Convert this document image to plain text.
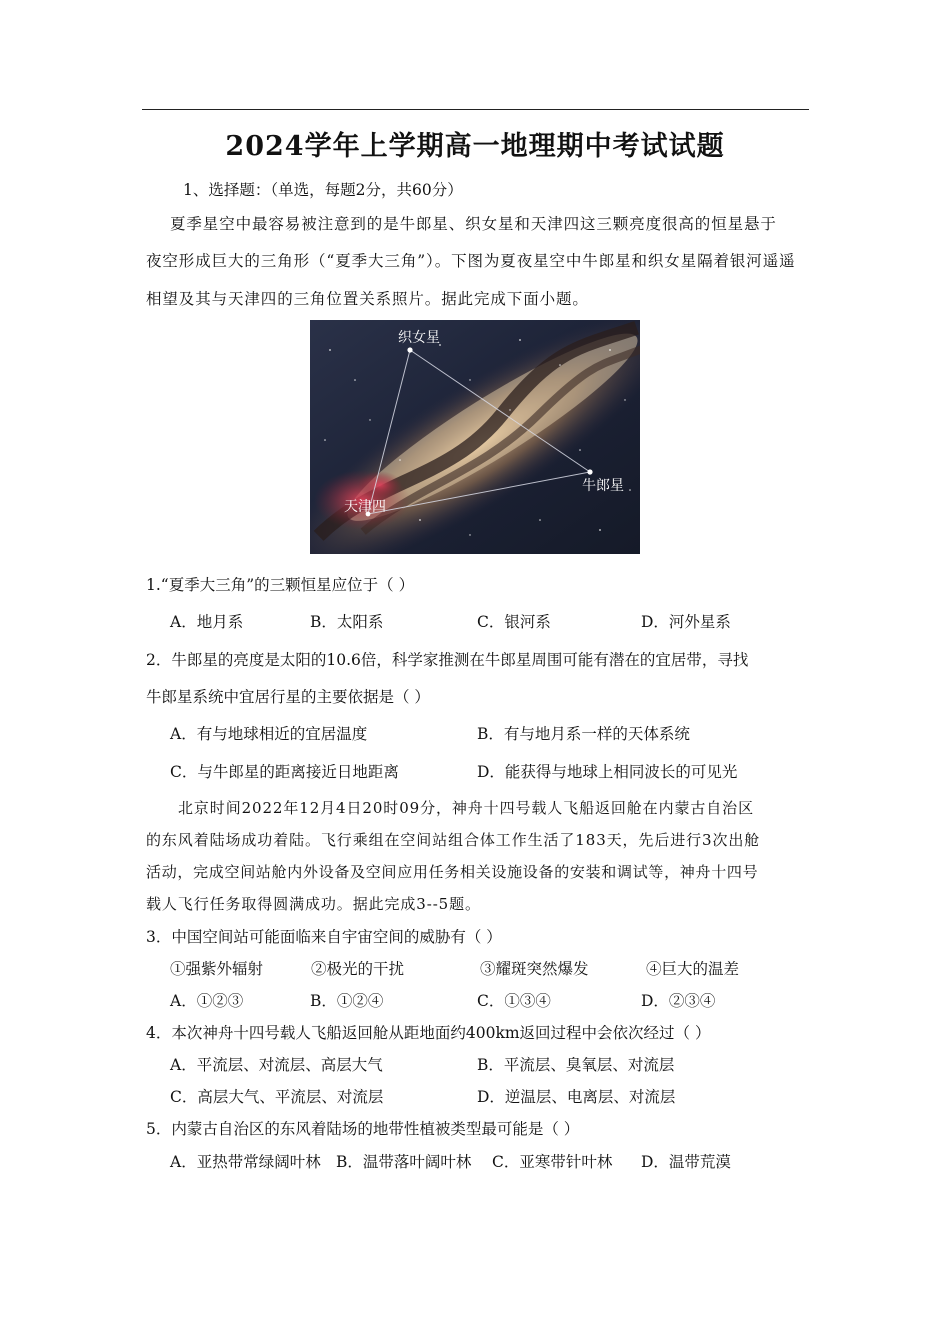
2024学年上学期高一地理期中考试试题
1、选择题：（单选，每题2分，共60分）
夏季星空中最容易被注意到的是牛郎星、织女星和天津四这三颗亮度很高的恒星悬于
夜空形成巨大的三角形（“夏季大三角”）。下图为夏夜星空中牛郎星和织女星隔着银河遥遥
相望及其与天津四的三角位置关系照片。据此完成下面小题。
织女星
牛郎星
天津四
1.“夏季大三角”的三颗恒星应位于（ ）
A．地月系	B．太阳系	C．银河系	D．河外星系
2．牛郎星的亮度是太阳的10.6倍，科学家推测在牛郎星周围可能有潜在的宜居带，寻找
牛郎星系统中宜居行星的主要依据是（ ）
A．有与地球相近的宜居温度	B．有与地月系一样的天体系统
C．与牛郎星的距离接近日地距离	D．能获得与地球上相同波长的可见光
北京时间2022年12月4日20时09分，神舟十四号载人飞船返回舱在内蒙古自治区
的东风着陆场成功着陆。飞行乘组在空间站组合体工作生活了183天，先后进行3次出舱
活动，完成空间站舱内外设备及空间应用任务相关设施设备的安装和调试等，神舟十四号
载人飞行任务取得圆满成功。据此完成3--5题。
3．中国空间站可能面临来自宇宙空间的威胁有（ ）
①强紫外辐射	②极光的干扰	③耀斑突然爆发	④巨大的温差
A．①②③	B．①②④	C．①③④	D．②③④
4．本次神舟十四号载人飞船返回舱从距地面约400km返回过程中会依次经过（ ）
A．平流层、对流层、高层大气	B．平流层、臭氧层、对流层
C．高层大气、平流层、对流层	D．逆温层、电离层、对流层
5．内蒙古自治区的东风着陆场的地带性植被类型最可能是（ ）
A．亚热带常绿阔叶林 B．温带落叶阔叶林 C．亚寒带针叶林 D．温带荒漠
